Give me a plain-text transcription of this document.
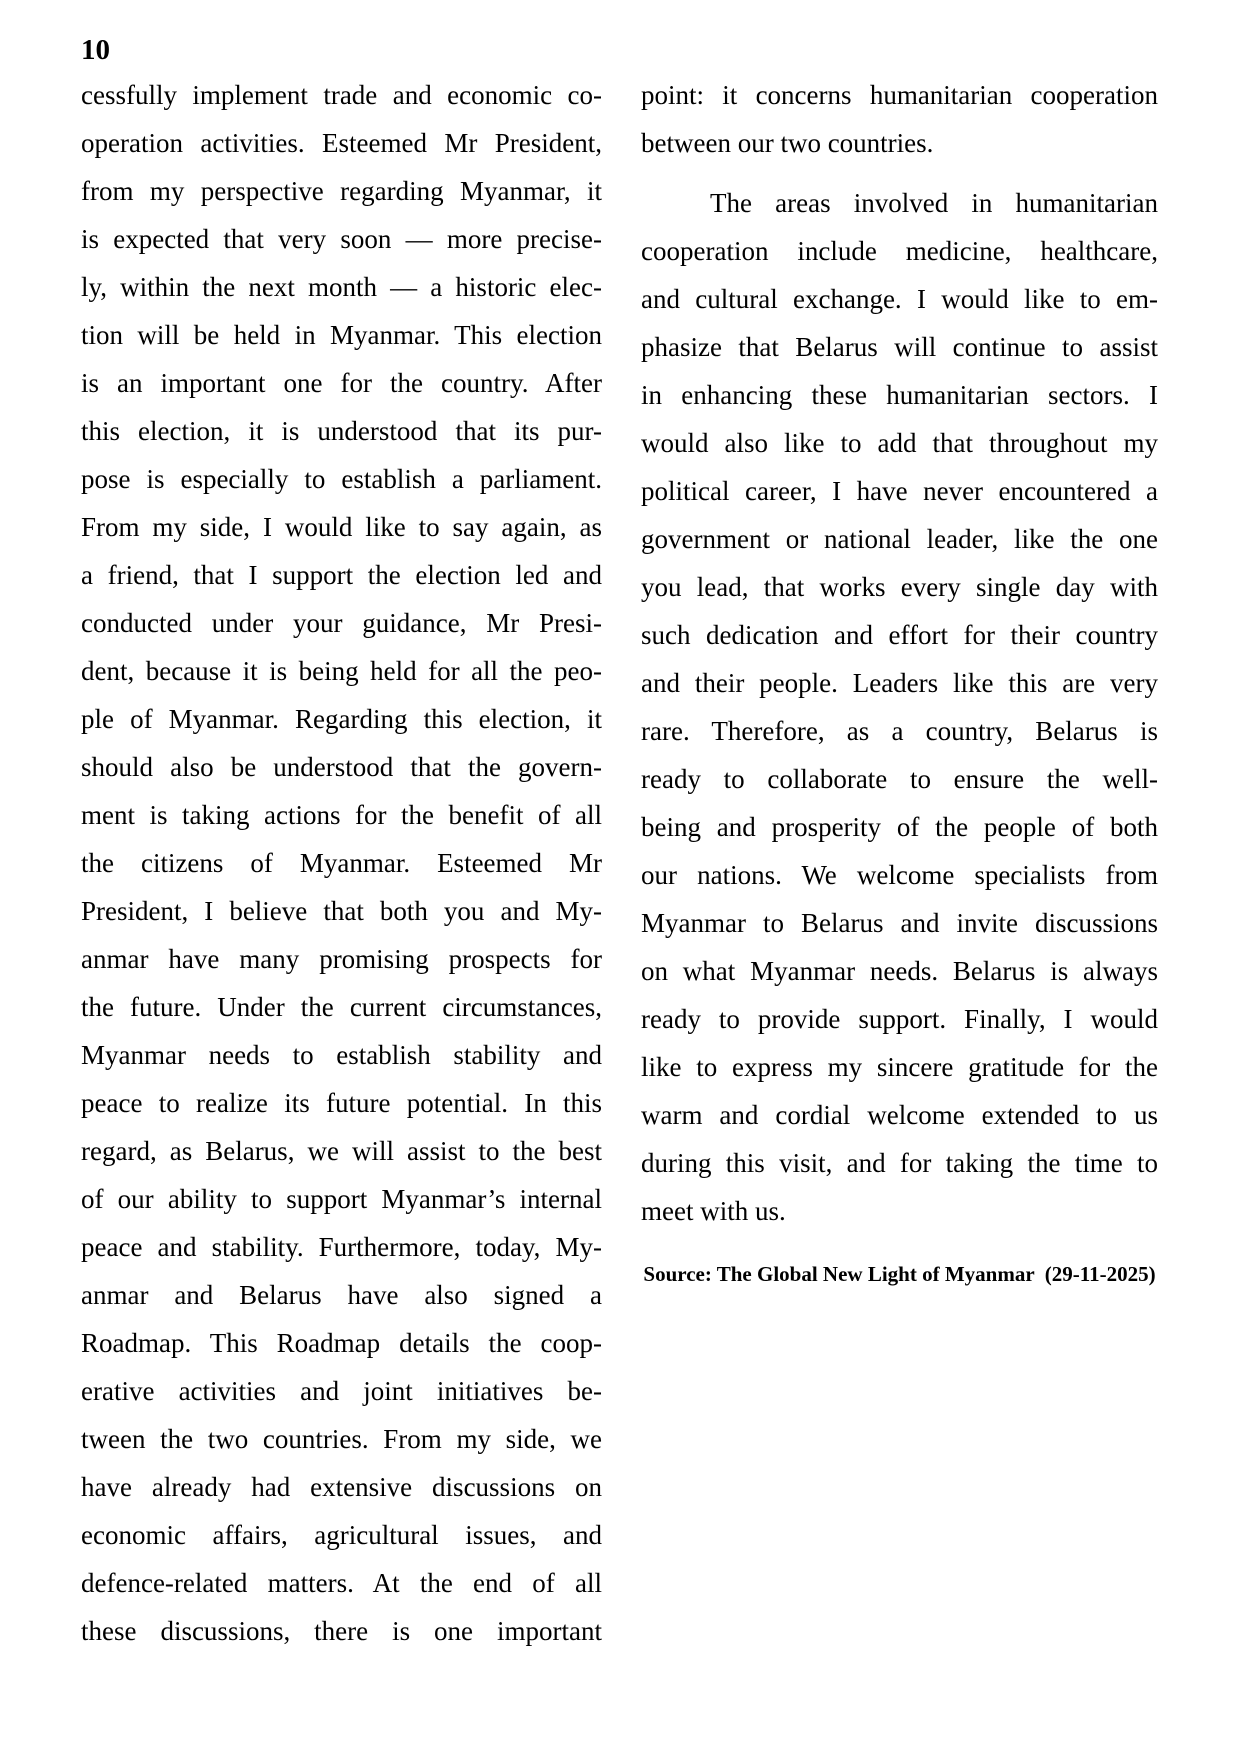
10
cessfully implement trade and economic co-
operation activities. Esteemed Mr President,
from my perspective regarding Myanmar, it
is expected that very soon — more precise-
ly, within the next month — a historic elec-
tion will be held in Myanmar. This election
is an important one for the country. After
this election, it is understood that its pur-
pose is especially to establish a parliament.
From my side, I would like to say again, as
a friend, that I support the election led and
conducted under your guidance, Mr Presi-
dent, because it is being held for all the peo-
ple of Myanmar. Regarding this election, it
should also be understood that the govern-
ment is taking actions for the benefit of all
the citizens of Myanmar. Esteemed Mr
President, I believe that both you and My-
anmar have many promising prospects for
the future. Under the current circumstances,
Myanmar needs to establish stability and
peace to realize its future potential. In this
regard, as Belarus, we will assist to the best
of our ability to support Myanmar’s internal
peace and stability. Furthermore, today, My-
anmar and Belarus have also signed a
Roadmap. This Roadmap details the coop-
erative activities and joint initiatives be-
tween the two countries. From my side, we
have already had extensive discussions on
economic affairs, agricultural issues, and
defence-related matters. At the end of all
these discussions, there is one important
point: it concerns humanitarian cooperation
between our two countries.
The areas involved in humanitarian
cooperation include medicine, healthcare,
and cultural exchange. I would like to em-
phasize that Belarus will continue to assist
in enhancing these humanitarian sectors. I
would also like to add that throughout my
political career, I have never encountered a
government or national leader, like the one
you lead, that works every single day with
such dedication and effort for their country
and their people. Leaders like this are very
rare. Therefore, as a country, Belarus is
ready to collaborate to ensure the well-
being and prosperity of the people of both
our nations. We welcome specialists from
Myanmar to Belarus and invite discussions
on what Myanmar needs. Belarus is always
ready to provide support. Finally, I would
like to express my sincere gratitude for the
warm and cordial welcome extended to us
during this visit, and for taking the time to
meet with us.
Source: The Global New Light of Myanmar  (29-11-2025)
